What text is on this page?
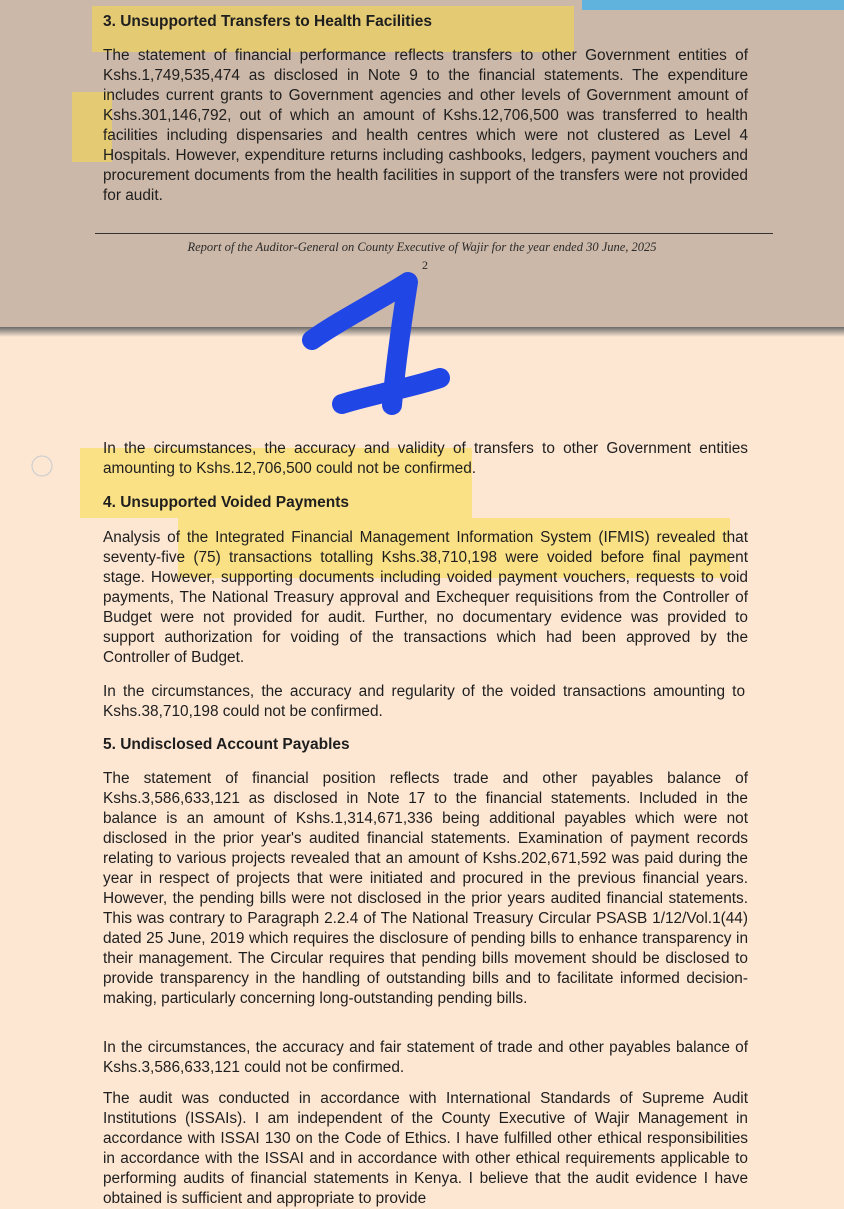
3. Unsupported Transfers to Health Facilities

The statement of financial performance reflects transfers to other Government entities of Kshs.1,749,535,474 as disclosed in Note 9 to the financial statements. The expenditure includes current grants to Government agencies and other levels of Government amount of Kshs.301,146,792, out of which an amount of Kshs.12,706,500 was transferred to health facilities including dispensaries and health centres which were not clustered as Level 4 Hospitals. However, expenditure returns including cashbooks, ledgers, payment vouchers and procurement documents from the health facilities in support of the transfers were not provided for audit.

Report of the Auditor-General on County Executive of Wajir for the year ended 30 June, 2025
2

In the circumstances, the accuracy and validity of transfers to other Government entities amounting to Kshs.12,706,500 could not be confirmed.

4. Unsupported Voided Payments

Analysis of the Integrated Financial Management Information System (IFMIS) revealed that seventy-five (75) transactions totalling Kshs.38,710,198 were voided before final payment stage. However, supporting documents including voided payment vouchers, requests to void payments, The National Treasury approval and Exchequer requisitions from the Controller of Budget were not provided for audit. Further, no documentary evidence was provided to support authorization for voiding of the transactions which had been approved by the Controller of Budget.

In the circumstances, the accuracy and regularity of the voided transactions amounting to Kshs.38,710,198 could not be confirmed.

5. Undisclosed Account Payables

The statement of financial position reflects trade and other payables balance of Kshs.3,586,633,121 as disclosed in Note 17 to the financial statements. Included in the balance is an amount of Kshs.1,314,671,336 being additional payables which were not disclosed in the prior year's audited financial statements. Examination of payment records relating to various projects revealed that an amount of Kshs.202,671,592 was paid during the year in respect of projects that were initiated and procured in the previous financial years. However, the pending bills were not disclosed in the prior years audited financial statements. This was contrary to Paragraph 2.2.4 of The National Treasury Circular PSASB 1/12/Vol.1(44) dated 25 June, 2019 which requires the disclosure of pending bills to enhance transparency in their management. The Circular requires that pending bills movement should be disclosed to provide transparency in the handling of outstanding bills and to facilitate informed decision-making, particularly concerning long-outstanding pending bills.

In the circumstances, the accuracy and fair statement of trade and other payables balance of Kshs.3,586,633,121 could not be confirmed.

The audit was conducted in accordance with International Standards of Supreme Audit Institutions (ISSAIs). I am independent of the County Executive of Wajir Management in accordance with ISSAI 130 on the Code of Ethics. I have fulfilled other ethical responsibilities in accordance with the ISSAI and in accordance with other ethical requirements applicable to performing audits of financial statements in Kenya. I believe that the audit evidence I have obtained is sufficient and appropriate to provide
